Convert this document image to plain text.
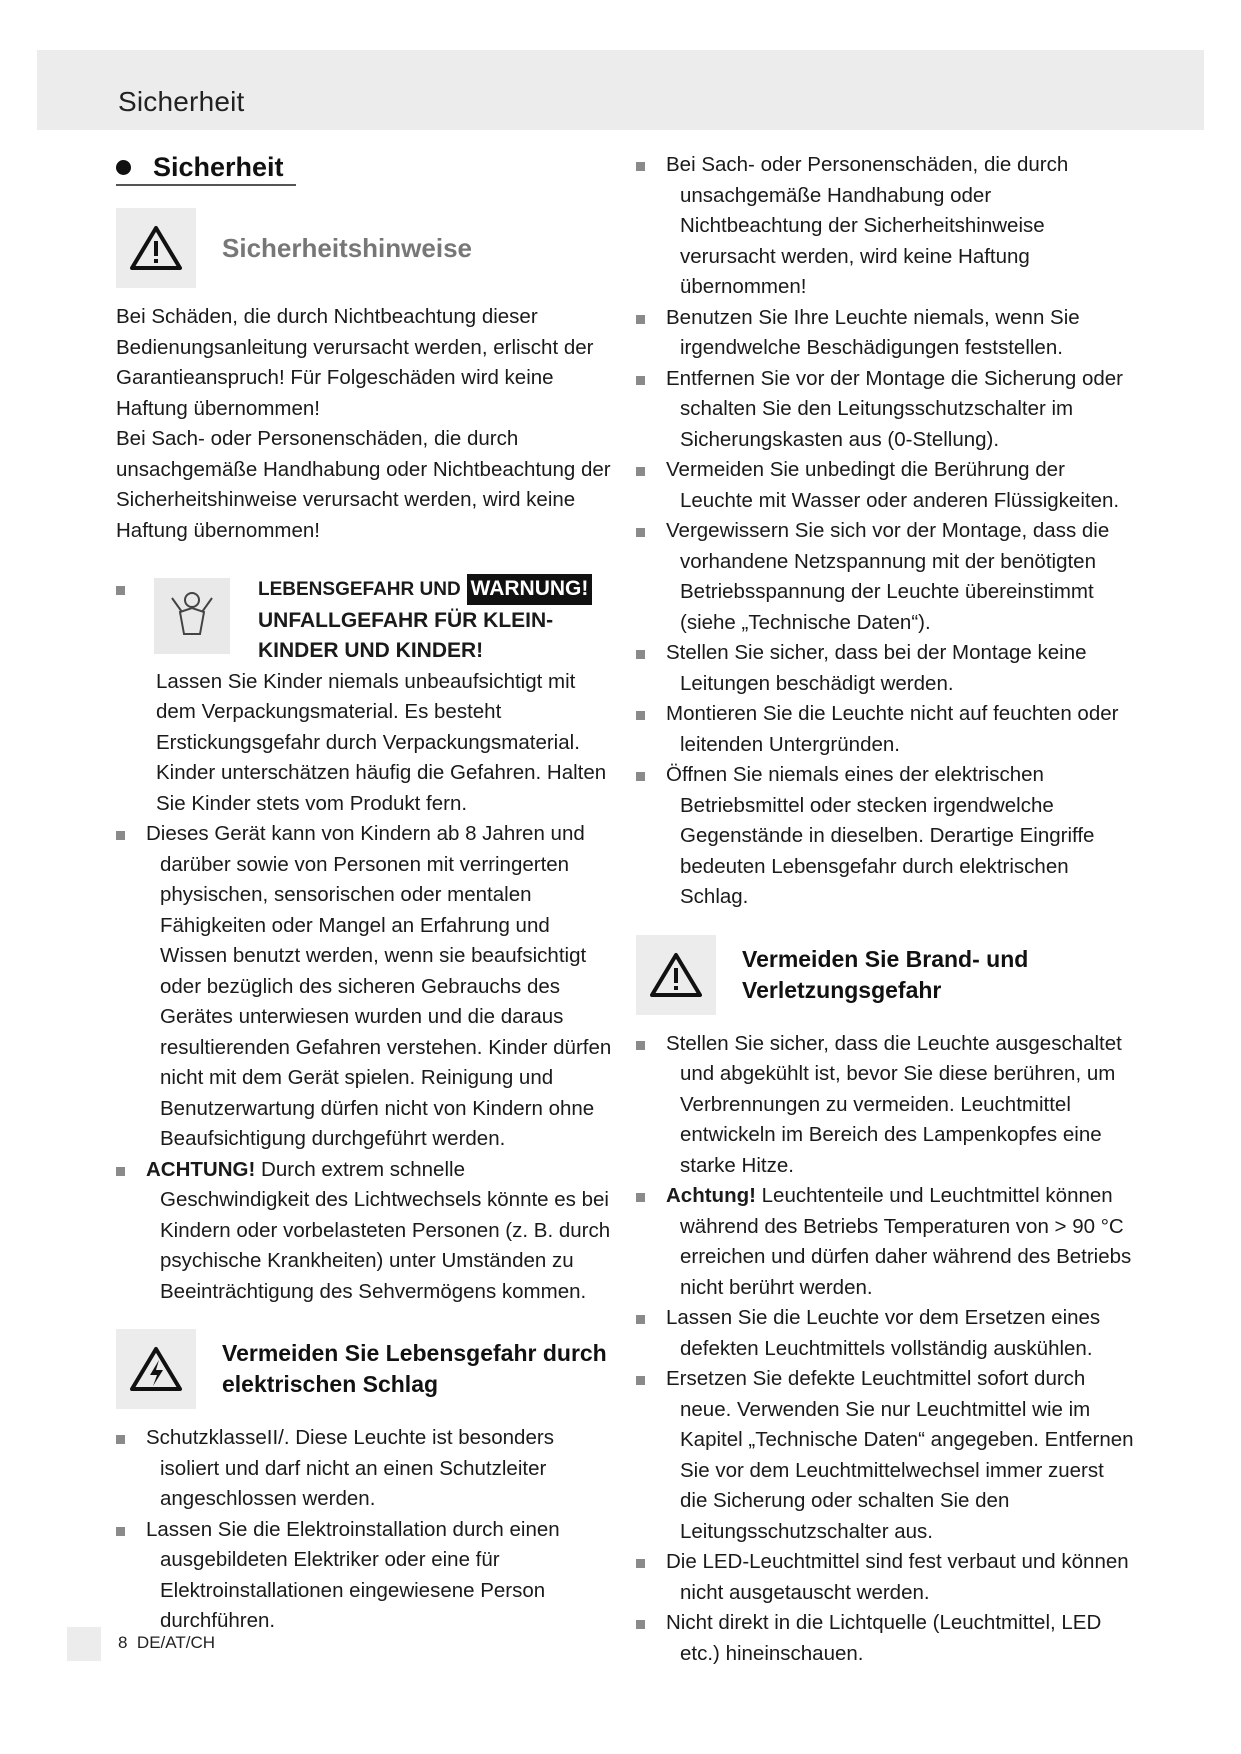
Sicherheit
Sicherheit
Sicherheitshinweise

Bei Schäden, die durch Nichtbeachtung dieser Bedienungsanleitung verursacht werden, erlischt der Garantieanspruch! Für Folgeschäden wird keine Haftung übernommen!

Bei Sach- oder Personenschäden, die durch unsachgemäße Handhabung oder Nichtbeachtung der Sicherheitshinweise verursacht werden, wird keine Haftung übernommen!

LEBENSGEFAHR UND WARNUNG!
UNFALLGEFAHR FÜR KLEIN-KINDER UND KINDER!
Lassen Sie Kinder niemals unbeaufsichtigt mit dem Verpackungsmaterial. Es besteht Erstickungsgefahr durch Verpackungsmaterial. Kinder unterschätzen häufig die Gefahren. Halten Sie Kinder stets vom Produkt fern.
Dieses Gerät kann von Kindern ab 8 Jahren und darüber sowie von Personen mit verringerten physischen, sensorischen oder mentalen Fähigkeiten oder Mangel an Erfahrung und Wissen benutzt werden, wenn sie beaufsichtigt oder bezüglich des sicheren Gebrauchs des Gerätes unterwiesen wurden und die daraus resultierenden Gefahren verstehen. Kinder dürfen nicht mit dem Gerät spielen. Reinigung und Benutzerwartung dürfen nicht von Kindern ohne Beaufsichtigung durchgeführt werden.
ACHTUNG! Durch extrem schnelle Geschwindigkeit des Lichtwechsels könnte es bei Kindern oder vorbelasteten Personen (z. B. durch psychische Krankheiten) unter Umständen zu Beeinträchtigung des Sehvermögens kommen.
Vermeiden Sie Lebensgefahr durch elektrischen Schlag
SchutzklasseII/. Diese Leuchte ist besonders isoliert und darf nicht an einen Schutzleiter angeschlossen werden.
Lassen Sie die Elektroinstallation durch einen ausgebildeten Elektriker oder eine für Elektroinstallationen eingewiesene Person durchführen.
Bei Sach- oder Personenschäden, die durch unsachgemäße Handhabung oder Nichtbeachtung der Sicherheitshinweise verursacht werden, wird keine Haftung übernommen!
Benutzen Sie Ihre Leuchte niemals, wenn Sie irgendwelche Beschädigungen feststellen.
Entfernen Sie vor der Montage die Sicherung oder schalten Sie den Leitungsschutzschalter im Sicherungskasten aus (0-Stellung).
Vermeiden Sie unbedingt die Berührung der Leuchte mit Wasser oder anderen Flüssigkeiten.
Vergewissern Sie sich vor der Montage, dass die vorhandene Netzspannung mit der benötigten Betriebsspannung der Leuchte übereinstimmt (siehe „Technische Daten“).
Stellen Sie sicher, dass bei der Montage keine Leitungen beschädigt werden.
Montieren Sie die Leuchte nicht auf feuchten oder leitenden Untergründen.
Öffnen Sie niemals eines der elektrischen Betriebsmittel oder stecken irgendwelche Gegenstände in dieselben. Derartige Eingriffe bedeuten Lebensgefahr durch elektrischen Schlag.
Vermeiden Sie Brand- und Verletzungsgefahr
Stellen Sie sicher, dass die Leuchte ausgeschaltet und abgekühlt ist, bevor Sie diese berühren, um Verbrennungen zu vermeiden. Leuchtmittel entwickeln im Bereich des Lampenkopfes eine starke Hitze.
Achtung! Leuchtenteile und Leuchtmittel können während des Betriebs Temperaturen von > 90 °C erreichen und dürfen daher während des Betriebs nicht berührt werden.
Lassen Sie die Leuchte vor dem Ersetzen eines defekten Leuchtmittels vollständig auskühlen.
Ersetzen Sie defekte Leuchtmittel sofort durch neue. Verwenden Sie nur Leuchtmittel wie im Kapitel „Technische Daten“ angegeben. Entfernen Sie vor dem Leuchtmittelwechsel immer zuerst die Sicherung oder schalten Sie den Leitungsschutzschalter aus.
Die LED-Leuchtmittel sind fest verbaut und können nicht ausgetauscht werden.
Nicht direkt in die Lichtquelle (Leuchtmittel, LED etc.) hineinschauen.
8 DE/AT/CH
